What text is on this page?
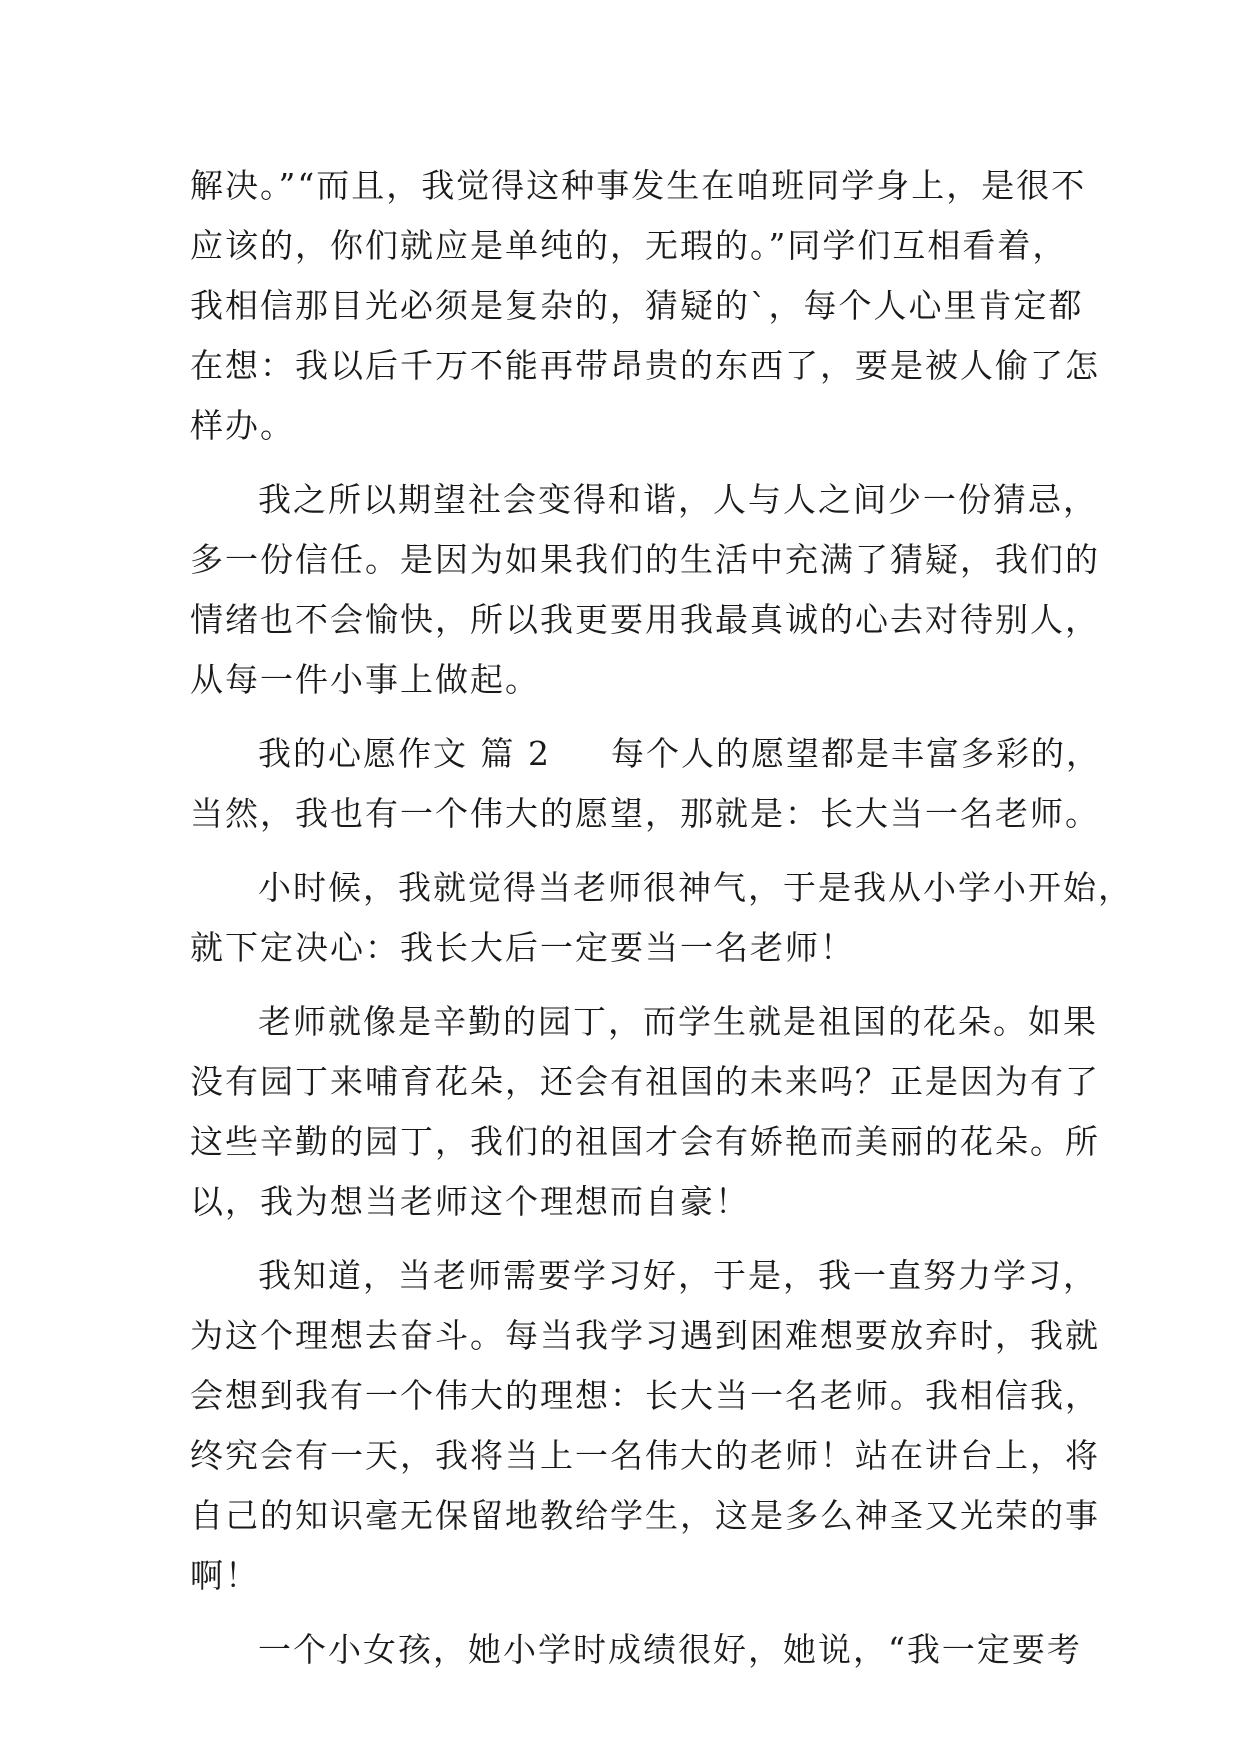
解决。”“而且，我觉得这种事发生在咱班同学身上，是很不
应该的，你们就应是单纯的，无瑕的。”同学们互相看着，
我相信那目光必须是复杂的，猜疑的`，每个人心里肯定都
在想：我以后千万不能再带昂贵的东西了，要是被人偷了怎
样办。
我之所以期望社会变得和谐，人与人之间少一份猜忌，
多一份信任。是因为如果我们的生活中充满了猜疑，我们的
情绪也不会愉快，所以我更要用我最真诚的心去对待别人，
从每一件小事上做起。
我的心愿作文 篇 2 每个人的愿望都是丰富多彩的，
当然，我也有一个伟大的愿望，那就是：长大当一名老师。
小时候，我就觉得当老师很神气，于是我从小学小开始，
就下定决心：我长大后一定要当一名老师！
老师就像是辛勤的园丁，而学生就是祖国的花朵。如果
没有园丁来哺育花朵，还会有祖国的未来吗？正是因为有了
这些辛勤的园丁，我们的祖国才会有娇艳而美丽的花朵。所
以，我为想当老师这个理想而自豪！
我知道，当老师需要学习好，于是，我一直努力学习，
为这个理想去奋斗。每当我学习遇到困难想要放弃时，我就
会想到我有一个伟大的理想：长大当一名老师。我相信我，
终究会有一天，我将当上一名伟大的老师！站在讲台上，将
自己的知识毫无保留地教给学生，这是多么神圣又光荣的事
啊！
一个小女孩，她小学时成绩很好，她说，“我一定要考
